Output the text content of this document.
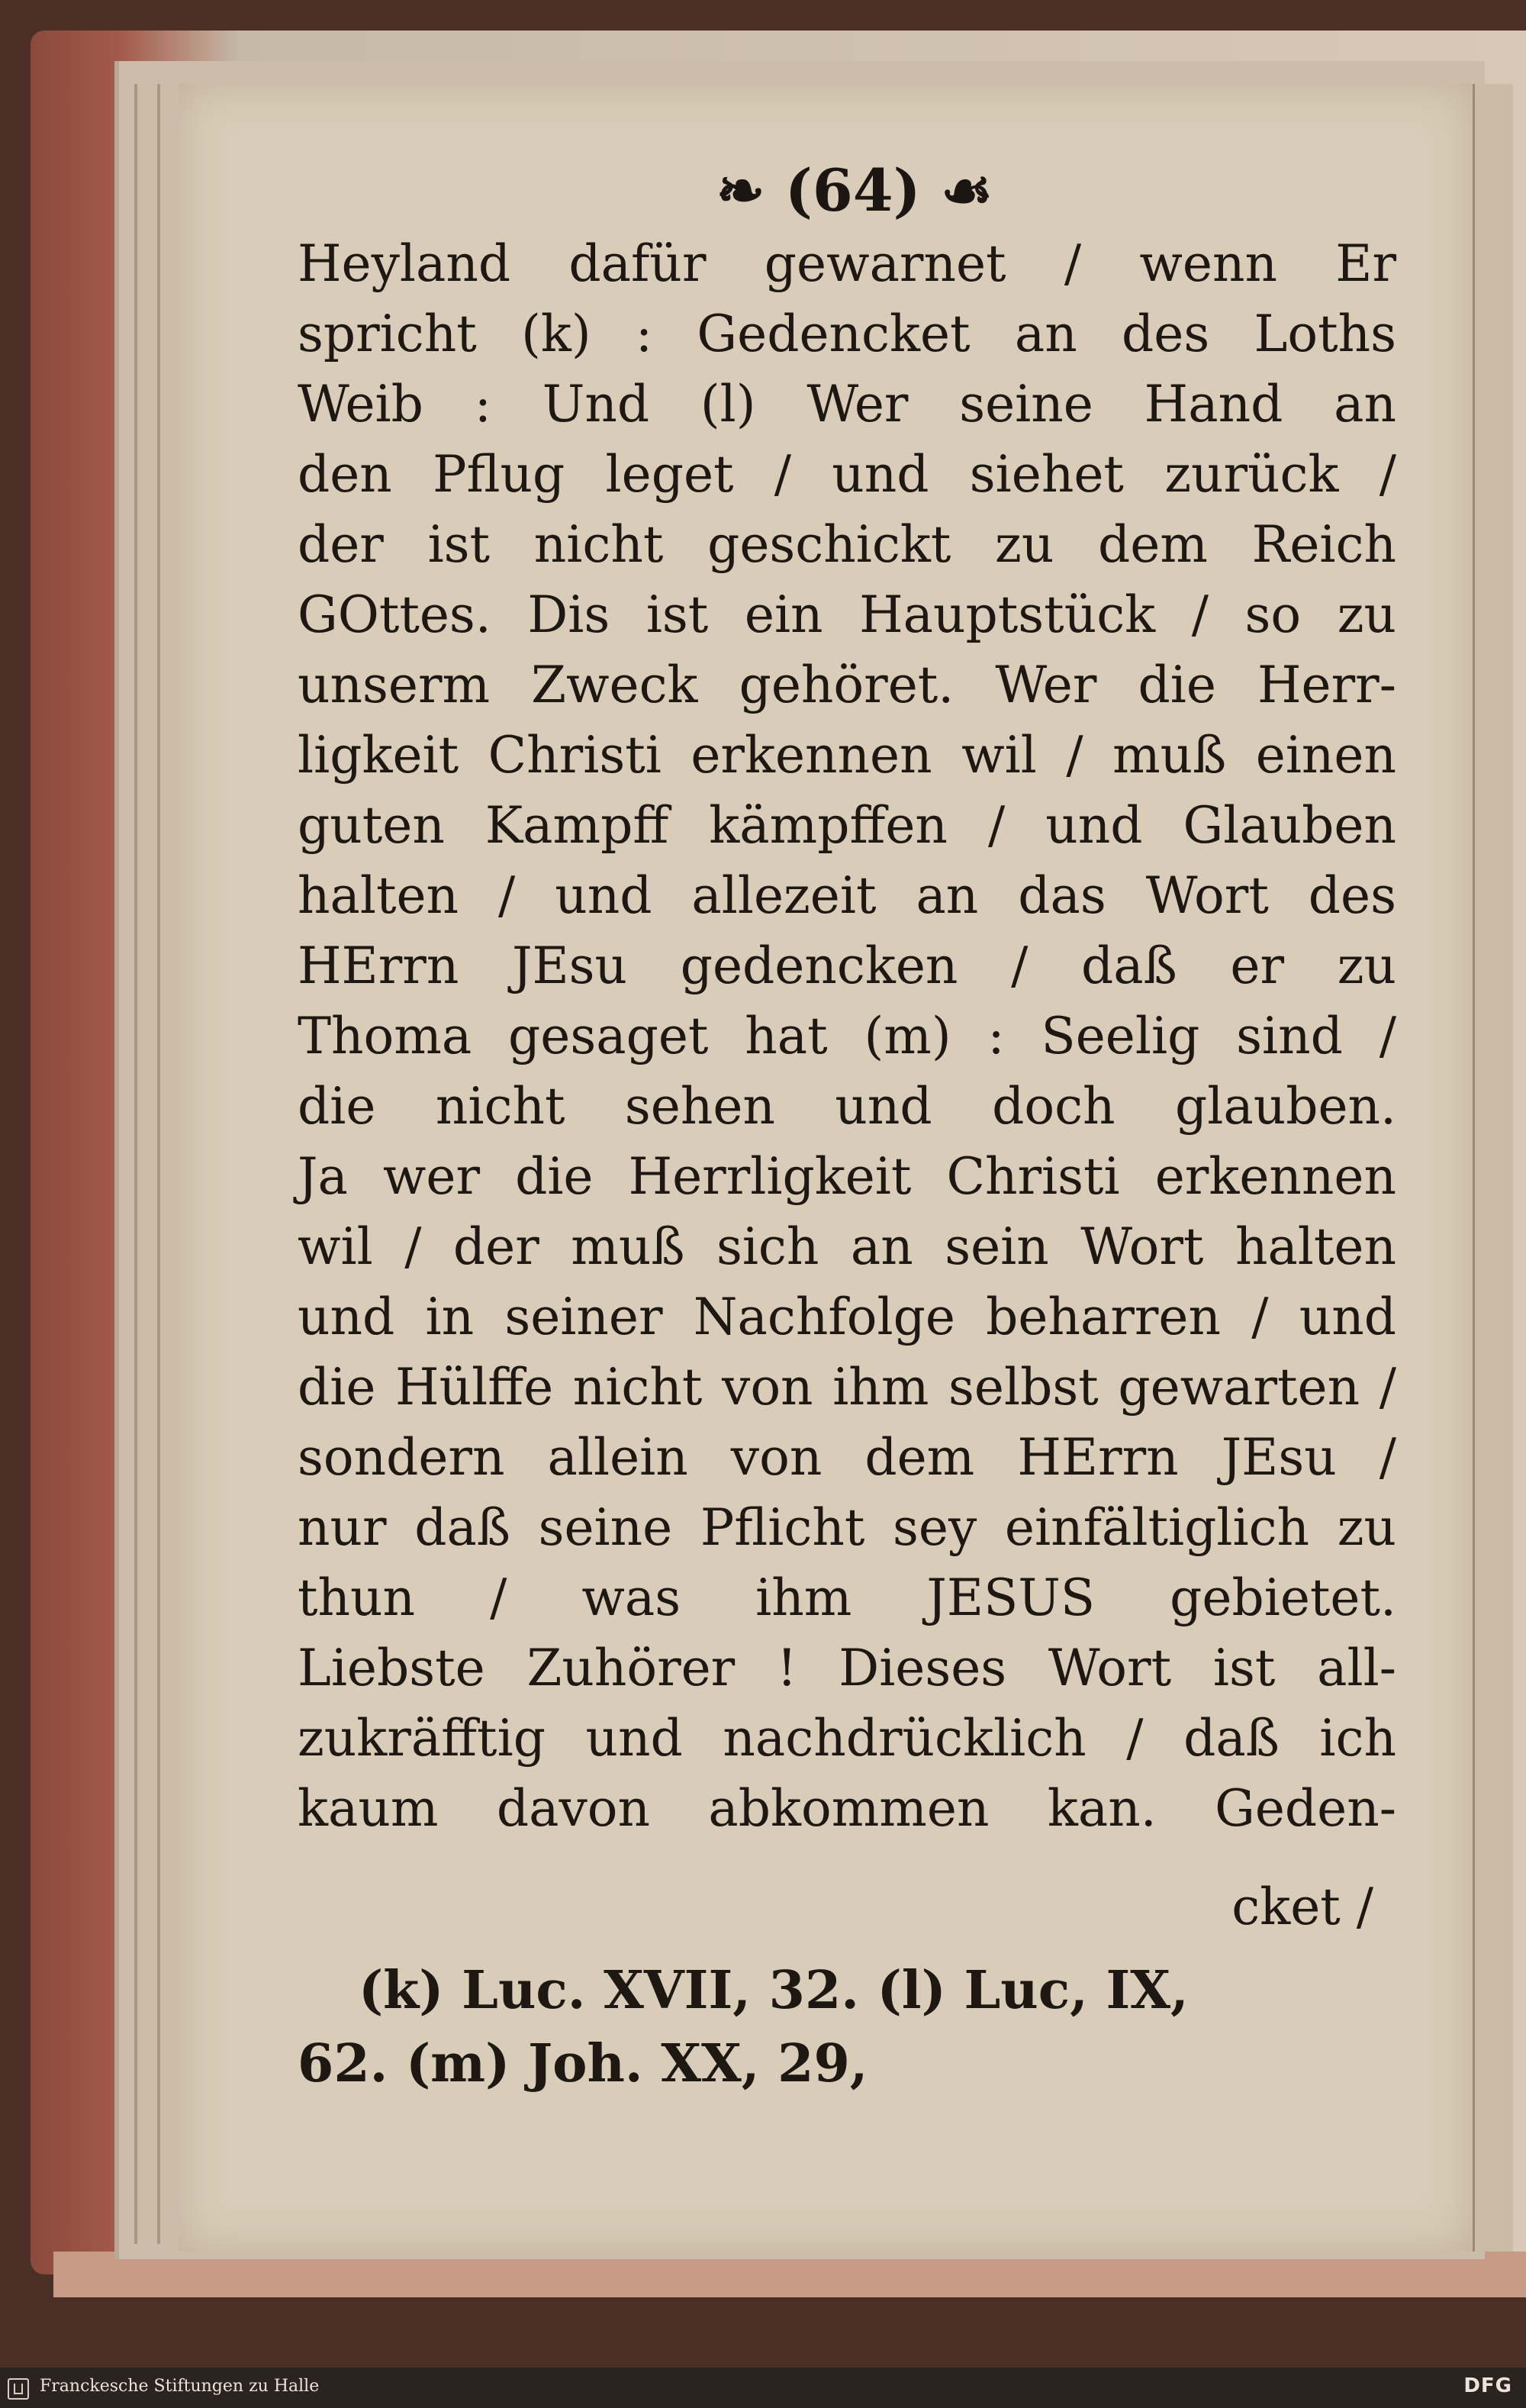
❧ (64) ☙
Heyland dafür gewarnet / wenn Er
spricht (k) : Gedencket an des Loths
Weib : Und (l) Wer seine Hand an
den Pflug leget / und siehet zurück /
der ist nicht geschickt zu dem Reich
GOttes. Dis ist ein Hauptstück / so zu
unserm Zweck gehöret. Wer die Herr-
ligkeit Christi erkennen wil / muß einen
guten Kampff kämpffen / und Glauben
halten / und allezeit an das Wort des
HErrn JEsu gedencken / daß er zu
Thoma gesaget hat (m) : Seelig sind /
die nicht sehen und doch glauben.
Ja wer die Herrligkeit Christi erkennen
wil / der muß sich an sein Wort halten
und in seiner Nachfolge beharren / und
die Hülffe nicht von ihm selbst gewarten /
sondern allein von dem HErrn JEsu /
nur daß seine Pflicht sey einfältiglich zu
thun / was ihm JESUS gebietet.
Liebste Zuhörer ! Dieses Wort ist all-
zukräfftig und nachdrücklich / daß ich
kaum davon abkommen kan. Geden-
cket /
(k) Luc. XVII, 32. (l) Luc, IX,
62. (m) Joh. XX, 29,
Franckesche Stiftungen zu Halle	DFG
